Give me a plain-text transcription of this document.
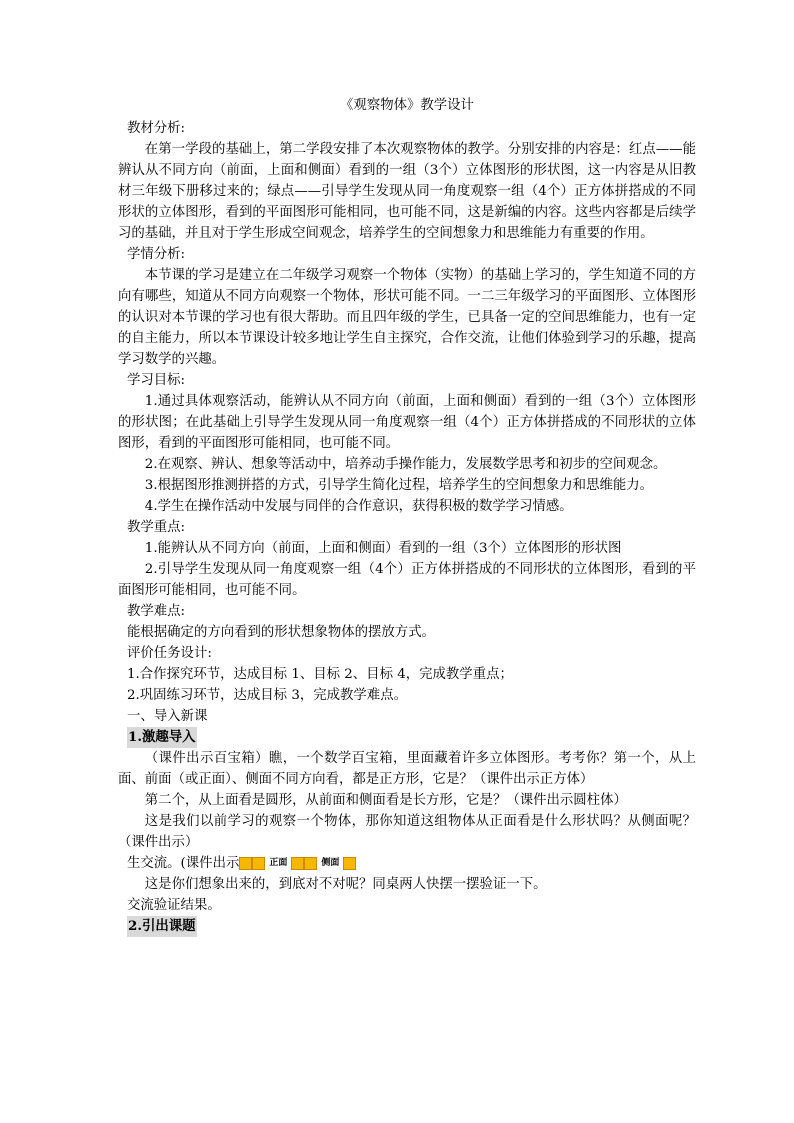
《观察物体》教学设计

教材分析:

在第一学段的基础上，第二学段安排了本次观察物体的教学。分别安排的内容是：红点——能辨认从不同方向（前面，上面和侧面）看到的一组（3个）立体图形的形状图，这一内容是从旧教材三年级下册移过来的；绿点——引导学生发现从同一角度观察一组（4个）正方体拼搭成的不同形状的立体图形，看到的平面图形可能相同，也可能不同，这是新编的内容。这些内容都是后续学习的基础，并且对于学生形成空间观念，培养学生的空间想象力和思维能力有重要的作用。

学情分析:

本节课的学习是建立在二年级学习观察一个物体（实物）的基础上学习的，学生知道不同的方向有哪些，知道从不同方向观察一个物体，形状可能不同。一二三年级学习的平面图形、立体图形的认识对本节课的学习也有很大帮助。而且四年级的学生，已具备一定的空间思维能力，也有一定的自主能力，所以本节课设计较多地让学生自主探究，合作交流，让他们体验到学习的乐趣，提高学习数学的兴趣。

学习目标:

1.通过具体观察活动，能辨认从不同方向（前面，上面和侧面）看到的一组（3个）立体图形的形状图；在此基础上引导学生发现从同一角度观察一组（4个）正方体拼搭成的不同形状的立体图形，看到的平面图形可能相同，也可能不同。

2.在观察、辨认、想象等活动中，培养动手操作能力，发展数学思考和初步的空间观念。

3.根据图形推测拼搭的方式，引导学生简化过程，培养学生的空间想象力和思维能力。

4.学生在操作活动中发展与同伴的合作意识，获得积极的数学学习情感。

教学重点:

1.能辨认从不同方向（前面，上面和侧面）看到的一组（3个）立体图形的形状图

2.引导学生发现从同一角度观察一组（4个）正方体拼搭成的不同形状的立体图形，看到的平面图形可能相同，也可能不同。

教学难点:

能根据确定的方向看到的形状想象物体的摆放方式。

评价任务设计:

1.合作探究环节，达成目标 1、目标 2、目标 4，完成教学重点；

2.巩固练习环节，达成目标 3，完成教学难点。

一、导入新课

1.激趣导入

（课件出示百宝箱）瞧，一个数学百宝箱，里面藏着许多立体图形。考考你？第一个，从上面、前面（或正面）、侧面不同方向看，都是正方形，它是？（课件出示正方体）

第二个，从上面看是圆形，从前面和侧面看是长方形，它是？（课件出示圆柱体）

这是我们以前学习的观察一个物体，那你知道这组物体从正面看是什么形状吗？从侧面呢？（课件出示）

生交流。(课件出示	正面	侧面

这是你们想象出来的，到底对不对呢？同桌两人快摆一摆验证一下。

交流验证结果。

2.引出课题
